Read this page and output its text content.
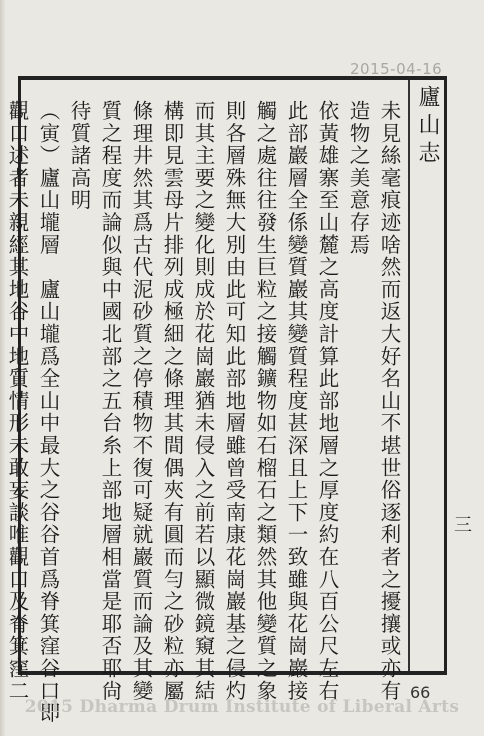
2015-04-16
廬山志
未見絲毫痕迹啥然而返大好名山不堪世俗逐利者之擾攘或亦有
造物之美意存焉
依黃雄寨至山麓之高度計算此部地層之厚度約在八百公尺左右
此部巖層全係變質巖其變質程度甚深且上下一致雖與花崗巖接
觸之處往往發生巨粒之接觸鑛物如石榴石之類然其他變質之象
則各層殊無大別由此可知此部地層雖曾受南康花崗巖基之侵灼
而其主要之變化則成於花崗巖猶未侵入之前若以顯微鏡窺其結
構即見雲母片排列成極細之條理其間偶夾有圓而勻之砂粒亦屬
條理井然其爲古代泥砂質之停積物不復可疑就巖質而論及其變
質之程度而論似與中國北部之五台糸上部地層相當是耶否耶尙
待質諸高明
（寅）廬山壠層　廬山壠爲全山中最大之谷谷首爲脊箕窪谷口即
觀口述者未親經其地谷中地質情形未敢妄談唯觀口及脊箕窪二	三
66
2015 Dharma Drum Institute of Liberal Arts
